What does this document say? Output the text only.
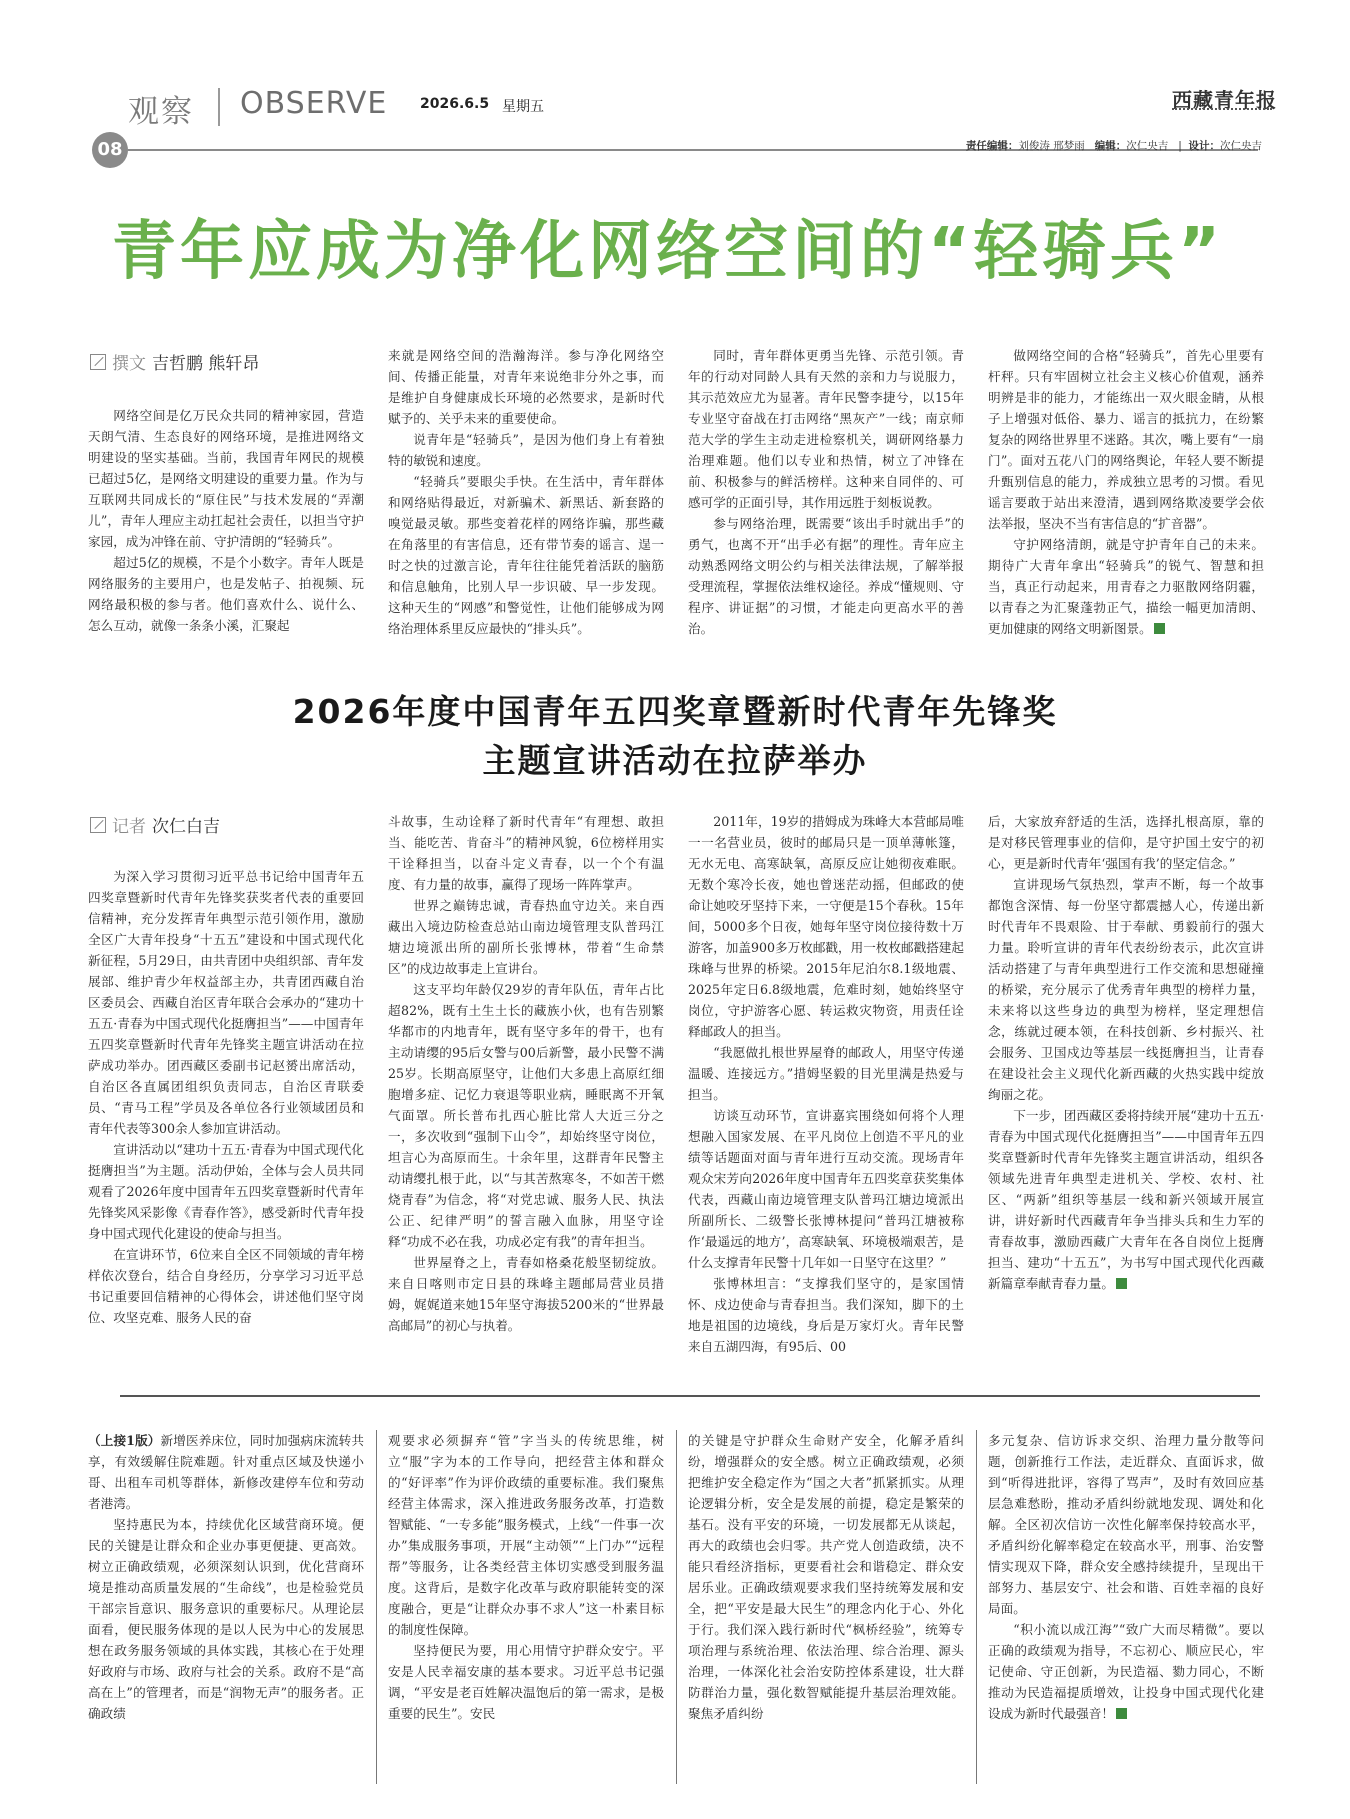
观察 OBSERVE 2026.6.5 星期五	西藏青年报
08	责任编辑：刘俊涛 邢梦雨 编辑：次仁央吉   |  设计：次仁央吉
青年应成为净化网络空间的“轻骑兵”
撰文 吉哲鹏 熊轩昂

网络空间是亿万民众共同的精神家园，营造天朗气清、生态良好的网络环境，是推进网络文明建设的坚实基础。当前，我国青年网民的规模已超过5亿，是网络文明建设的重要力量。作为与互联网共同成长的“原住民”与技术发展的“弄潮儿”，青年人理应主动扛起社会责任，以担当守护家园，成为冲锋在前、守护清朗的“轻骑兵”。

超过5亿的规模，不是个小数字。青年人既是网络服务的主要用户，也是发帖子、拍视频、玩网络最积极的参与者。他们喜欢什么、说什么、怎么互动，就像一条条小溪，汇聚起

来就是网络空间的浩瀚海洋。参与净化网络空间、传播正能量，对青年来说绝非分外之事，而是维护自身健康成长环境的必然要求，是新时代赋予的、关乎未来的重要使命。

说青年是“轻骑兵”，是因为他们身上有着独特的敏锐和速度。

“轻骑兵”要眼尖手快。在生活中，青年群体和网络贴得最近，对新骗术、新黑话、新套路的嗅觉最灵敏。那些变着花样的网络诈骗，那些藏在角落里的有害信息，还有带节奏的谣言、逞一时之快的过激言论，青年往往能凭着活跃的脑筋和信息触角，比别人早一步识破、早一步发现。这种天生的“网感”和警觉性，让他们能够成为网络治理体系里反应最快的“排头兵”。

同时，青年群体更勇当先锋、示范引领。青年的行动对同龄人具有天然的亲和力与说服力，其示范效应尤为显著。青年民警李捷兮，以15年专业坚守奋战在打击网络“黑灰产”一线；南京师范大学的学生主动走进检察机关，调研网络暴力治理难题。他们以专业和热情，树立了冲锋在前、积极参与的鲜活榜样。这种来自同伴的、可感可学的正面引导，其作用远胜于刻板说教。

参与网络治理，既需要“该出手时就出手”的勇气，也离不开“出手必有据”的理性。青年应主动熟悉网络文明公约与相关法律法规，了解举报受理流程，掌握依法维权途径。养成“懂规则、守程序、讲证据”的习惯，才能走向更高水平的善治。

做网络空间的合格“轻骑兵”，首先心里要有杆秤。只有牢固树立社会主义核心价值观，涵养明辨是非的能力，才能练出一双火眼金睛，从根子上增强对低俗、暴力、谣言的抵抗力，在纷繁复杂的网络世界里不迷路。其次，嘴上要有“一扇门”。面对五花八门的网络舆论，年轻人要不断提升甄别信息的能力，养成独立思考的习惯。看见谣言要敢于站出来澄清，遇到网络欺凌要学会依法举报，坚决不当有害信息的“扩音器”。

守护网络清朗，就是守护青年自己的未来。期待广大青年拿出“轻骑兵”的锐气、智慧和担当，真正行动起来，用青春之力驱散网络阴霾，以青春之为汇聚蓬勃正气，描绘一幅更加清朗、更加健康的网络文明新图景。

2026年度中国青年五四奖章暨新时代青年先锋奖
主题宣讲活动在拉萨举办
记者 次仁白吉

为深入学习贯彻习近平总书记给中国青年五四奖章暨新时代青年先锋奖获奖者代表的重要回信精神，充分发挥青年典型示范引领作用，激励全区广大青年投身“十五五”建设和中国式现代化新征程，5月29日，由共青团中央组织部、青年发展部、维护青少年权益部主办，共青团西藏自治区委员会、西藏自治区青年联合会承办的“建功十五五·青春为中国式现代化挺膺担当”——中国青年五四奖章暨新时代青年先锋奖主题宣讲活动在拉萨成功举办。团西藏区委副书记赵赟出席活动，自治区各直属团组织负责同志，自治区青联委员、“青马工程”学员及各单位各行业领域团员和青年代表等300余人参加宣讲活动。

宣讲活动以“建功十五五·青春为中国式现代化挺膺担当”为主题。活动伊始，全体与会人员共同观看了2026年度中国青年五四奖章暨新时代青年先锋奖风采影像《青春作答》，感受新时代青年投身中国式现代化建设的使命与担当。

在宣讲环节，6位来自全区不同领域的青年榜样依次登台，结合自身经历，分享学习习近平总书记重要回信精神的心得体会，讲述他们坚守岗位、攻坚克难、服务人民的奋

斗故事，生动诠释了新时代青年“有理想、敢担当、能吃苦、肯奋斗”的精神风貌，6位榜样用实干诠释担当，以奋斗定义青春，以一个个有温度、有力量的故事，赢得了现场一阵阵掌声。

世界之巅铸忠诚，青春热血守边关。来自西藏出入境边防检查总站山南边境管理支队普玛江塘边境派出所的副所长张博林，带着“生命禁区”的戍边故事走上宣讲台。

这支平均年龄仅29岁的青年队伍，青年占比超82%，既有土生土长的藏族小伙，也有告别繁华都市的内地青年，既有坚守多年的骨干，也有主动请缨的95后女警与00后新警，最小民警不满25岁。长期高原坚守，让他们大多患上高原红细胞增多症、记忆力衰退等职业病，睡眠离不开氧气面罩。所长普布扎西心脏比常人大近三分之一，多次收到“强制下山令”，却始终坚守岗位，坦言心为高原而生。十余年里，这群青年民警主动请缨扎根于此，以“与其苦熬寒冬，不如苦干燃烧青春”为信念，将“对党忠诚、服务人民、执法公正、纪律严明”的誓言融入血脉，用坚守诠释“功成不必在我，功成必定有我”的青年担当。

世界屋脊之上，青春如格桑花般坚韧绽放。来自日喀则市定日县的珠峰主题邮局营业员措姆，娓娓道来她15年坚守海拔5200米的“世界最高邮局”的初心与执着。

2011年，19岁的措姆成为珠峰大本营邮局唯一一名营业员，彼时的邮局只是一顶单薄帐篷，无水无电、高寒缺氧，高原反应让她彻夜难眠。无数个寒冷长夜，她也曾迷茫动摇，但邮政的使命让她咬牙坚持下来，一守便是15个春秋。15年间，5000多个日夜，她每年坚守岗位接待数十万游客，加盖900多万枚邮戳，用一枚枚邮戳搭建起珠峰与世界的桥梁。2015年尼泊尔8.1级地震、2025年定日6.8级地震，危难时刻，她始终坚守岗位，守护游客心愿、转运救灾物资，用责任诠释邮政人的担当。

“我愿做扎根世界屋脊的邮政人，用坚守传递温暖、连接远方。”措姆坚毅的目光里满是热爱与担当。

访谈互动环节，宣讲嘉宾围绕如何将个人理想融入国家发展、在平凡岗位上创造不平凡的业绩等话题面对面与青年进行互动交流。现场青年观众宋芳向2026年度中国青年五四奖章获奖集体代表，西藏山南边境管理支队普玛江塘边境派出所副所长、二级警长张博林提问“普玛江塘被称作‘最遥远的地方’，高寒缺氧、环境极端艰苦，是什么支撑青年民警十几年如一日坚守在这里？”

张博林坦言：“支撑我们坚守的，是家国情怀、戍边使命与青春担当。我们深知，脚下的土地是祖国的边境线，身后是万家灯火。青年民警来自五湖四海，有95后、00

后，大家放弃舒适的生活，选择扎根高原，靠的是对移民管理事业的信仰，是守护国土安宁的初心，更是新时代青年‘强国有我’的坚定信念。”

宣讲现场气氛热烈，掌声不断，每一个故事都饱含深情、每一份坚守都震撼人心，传递出新时代青年不畏艰险、甘于奉献、勇毅前行的强大力量。聆听宣讲的青年代表纷纷表示，此次宣讲活动搭建了与青年典型进行工作交流和思想碰撞的桥梁，充分展示了优秀青年典型的榜样力量，未来将以这些身边的典型为榜样，坚定理想信念，练就过硬本领，在科技创新、乡村振兴、社会服务、卫国戍边等基层一线挺膺担当，让青春在建设社会主义现代化新西藏的火热实践中绽放绚丽之花。

下一步，团西藏区委将持续开展“建功十五五·青春为中国式现代化挺膺担当”——中国青年五四奖章暨新时代青年先锋奖主题宣讲活动，组织各领域先进青年典型走进机关、学校、农村、社区、“两新”组织等基层一线和新兴领域开展宣讲，讲好新时代西藏青年争当排头兵和生力军的青春故事，激励西藏广大青年在各自岗位上挺膺担当、建功“十五五”，为书写中国式现代化西藏新篇章奉献青春力量。

（上接1版）新增医养床位，同时加强病床流转共享，有效缓解住院难题。针对重点区域及快递小哥、出租车司机等群体，新修改建停车位和劳动者港湾。

坚持惠民为本，持续优化区域营商环境。便民的关键是让群众和企业办事更便捷、更高效。树立正确政绩观，必须深刻认识到，优化营商环境是推动高质量发展的“生命线”，也是检验党员干部宗旨意识、服务意识的重要标尺。从理论层面看，便民服务体现的是以人民为中心的发展思想在政务服务领域的具体实践，其核心在于处理好政府与市场、政府与社会的关系。政府不是“高高在上”的管理者，而是“润物无声”的服务者。正确政绩

观要求必须摒弃“管”字当头的传统思维，树立“服”字为本的工作导向，把经营主体和群众的“好评率”作为评价政绩的重要标准。我们聚焦经营主体需求，深入推进政务服务改革，打造数智赋能、“一专多能”服务模式，上线“一件事一次办”集成服务事项，开展“主动领”“上门办”“远程帮”等服务，让各类经营主体切实感受到服务温度。这背后，是数字化改革与政府职能转变的深度融合，更是“让群众办事不求人”这一朴素目标的制度性保障。

坚持便民为要，用心用情守护群众安宁。平安是人民幸福安康的基本要求。习近平总书记强调，“平安是老百姓解决温饱后的第一需求，是极重要的民生”。安民

的关键是守护群众生命财产安全，化解矛盾纠纷，增强群众的安全感。树立正确政绩观，必须把维护安全稳定作为“国之大者”抓紧抓实。从理论逻辑分析，安全是发展的前提，稳定是繁荣的基石。没有平安的环境，一切发展都无从谈起，再大的政绩也会归零。共产党人创造政绩，决不能只看经济指标，更要看社会和谐稳定、群众安居乐业。正确政绩观要求我们坚持统筹发展和安全，把“平安是最大民生”的理念内化于心、外化于行。我们深入践行新时代“枫桥经验”，统筹专项治理与系统治理、依法治理、综合治理、源头治理，一体深化社会治安防控体系建设，壮大群防群治力量，强化数智赋能提升基层治理效能。聚焦矛盾纠纷

多元复杂、信访诉求交织、治理力量分散等问题，创新推行工作法，走近群众、直面诉求，做到“听得进批评，容得了骂声”，及时有效回应基层急难愁盼，推动矛盾纠纷就地发现、调处和化解。全区初次信访一次性化解率保持较高水平，矛盾纠纷化解率稳定在较高水平，刑事、治安警情实现双下降，群众安全感持续提升，呈现出干部努力、基层安宁、社会和谐、百姓幸福的良好局面。

“积小流以成江海”“致广大而尽精微”。要以正确的政绩观为指导，不忘初心、顺应民心，牢记使命、守正创新，为民造福、勠力同心，不断推动为民造福提质增效，让投身中国式现代化建设成为新时代最强音！
